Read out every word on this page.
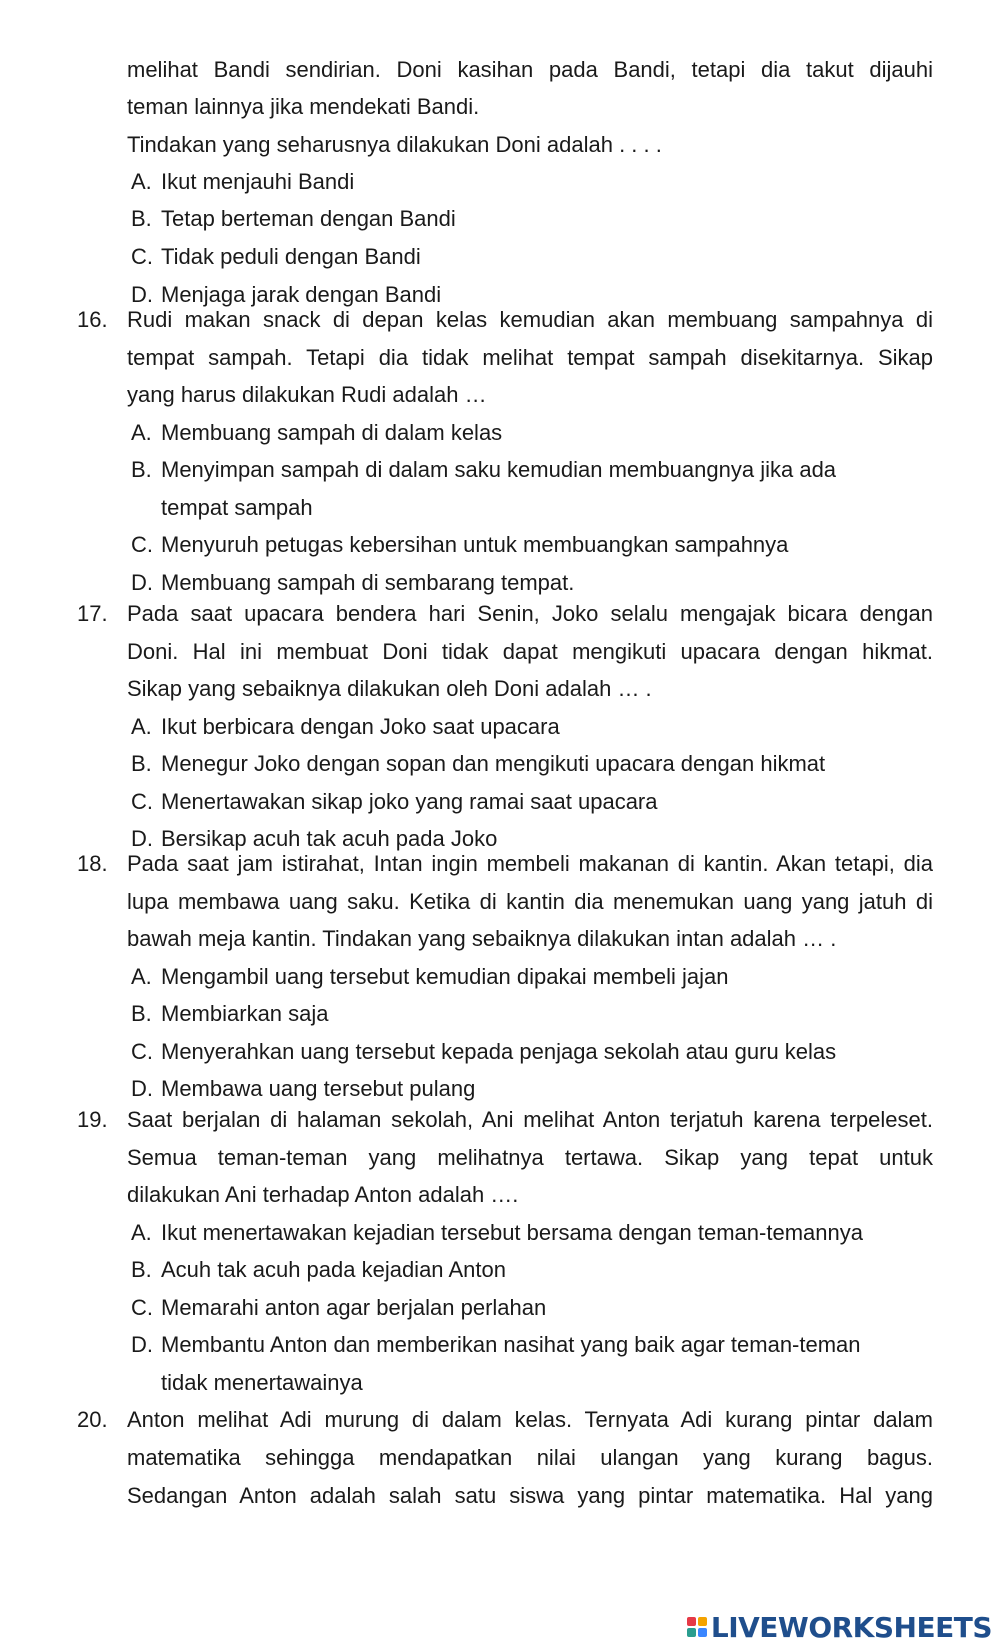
melihat Bandi sendirian. Doni kasihan pada Bandi, tetapi dia takut dijauhi
teman lainnya jika mendekati Bandi.
Tindakan yang seharusnya dilakukan Doni adalah . . . .
A. Ikut menjauhi Bandi
B. Tetap berteman dengan Bandi
C. Tidak peduli dengan Bandi
D. Menjaga jarak dengan Bandi
16. Rudi makan snack di depan kelas kemudian akan membuang sampahnya di
tempat sampah. Tetapi dia tidak melihat tempat sampah disekitarnya. Sikap
yang harus dilakukan Rudi adalah …
A. Membuang sampah di dalam kelas
B. Menyimpan sampah di dalam saku kemudian membuangnya jika ada
tempat sampah
C. Menyuruh petugas kebersihan untuk membuangkan sampahnya
D. Membuang sampah di sembarang tempat.
17. Pada saat upacara bendera hari Senin, Joko selalu mengajak bicara dengan
Doni. Hal ini membuat Doni tidak dapat mengikuti upacara dengan hikmat.
Sikap yang sebaiknya dilakukan oleh Doni adalah … .
A. Ikut berbicara dengan Joko saat upacara
B. Menegur Joko dengan sopan dan mengikuti upacara dengan hikmat
C. Menertawakan sikap joko yang ramai saat upacara
D. Bersikap acuh tak acuh pada Joko
18. Pada saat jam istirahat, Intan ingin membeli makanan di kantin. Akan tetapi, dia
lupa membawa uang saku. Ketika di kantin dia menemukan uang yang jatuh di
bawah meja kantin. Tindakan yang sebaiknya dilakukan intan adalah … .
A. Mengambil uang tersebut kemudian dipakai membeli jajan
B. Membiarkan saja
C. Menyerahkan uang tersebut kepada penjaga sekolah atau guru kelas
D. Membawa uang tersebut pulang
19. Saat berjalan di halaman sekolah, Ani melihat Anton terjatuh karena terpeleset.
Semua teman-teman yang melihatnya tertawa. Sikap yang tepat untuk
dilakukan Ani terhadap Anton adalah ….
A. Ikut menertawakan kejadian tersebut bersama dengan teman-temannya
B. Acuh tak acuh pada kejadian Anton
C. Memarahi anton agar berjalan perlahan
D. Membantu Anton dan memberikan nasihat yang baik agar teman-teman
tidak menertawainya
20. Anton melihat Adi murung di dalam kelas. Ternyata Adi kurang pintar dalam
matematika sehingga mendapatkan nilai ulangan yang kurang bagus.
Sedangan Anton adalah salah satu siswa yang pintar matematika. Hal yang
LIVEWORKSHEETS
